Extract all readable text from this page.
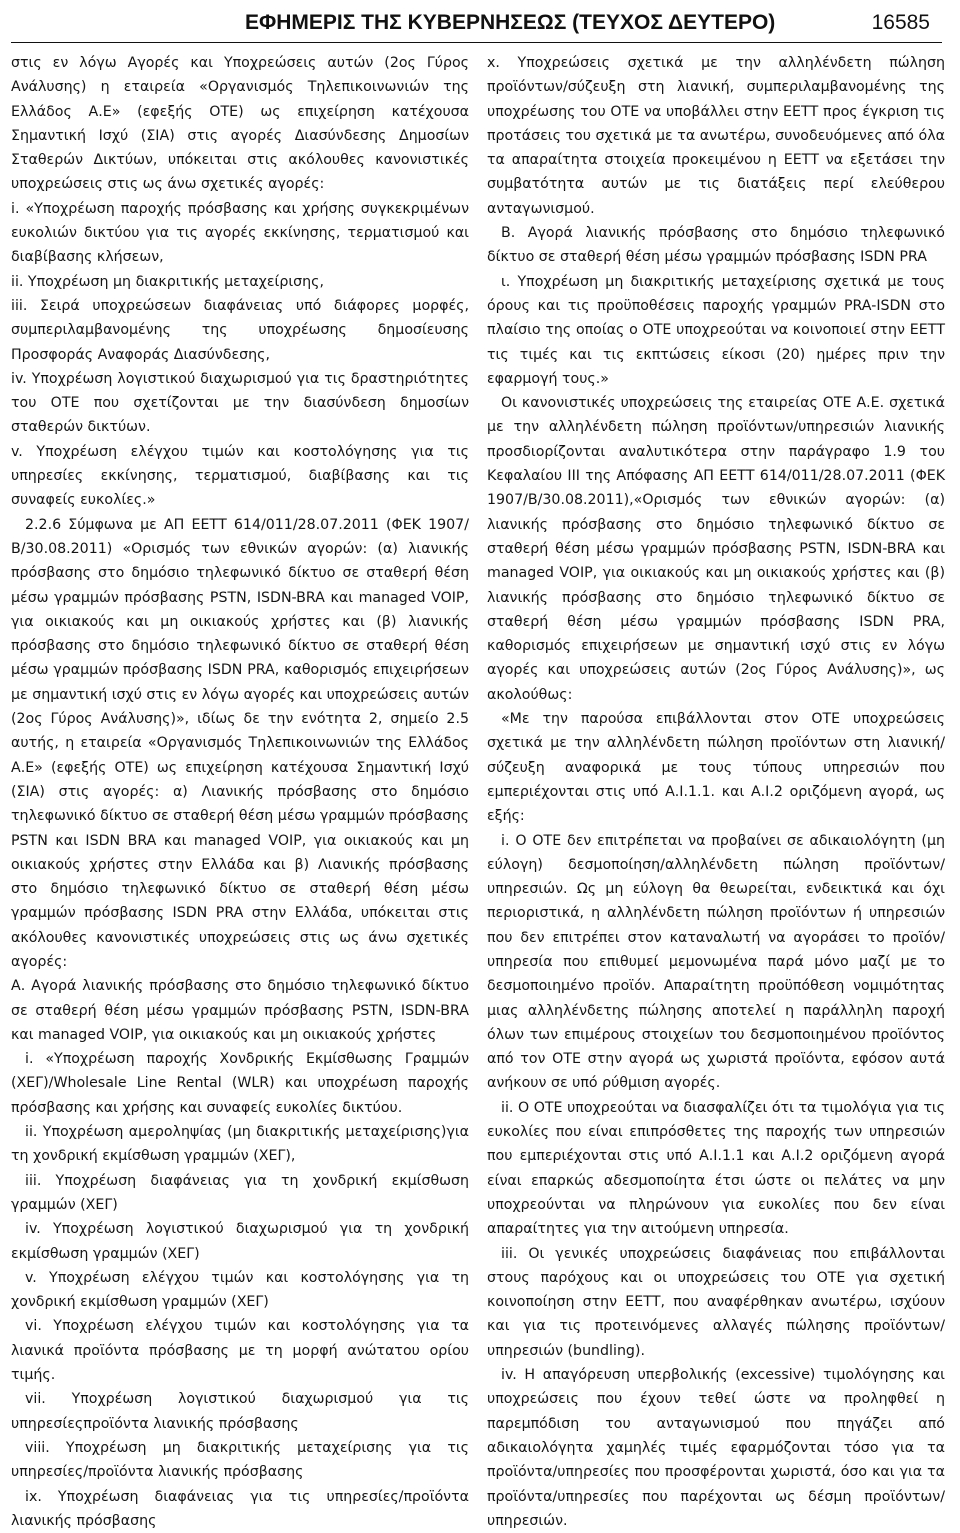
ΕΦΗΜΕΡΙΣ ΤΗΣ ΚΥΒΕΡΝΗΣΕΩΣ (ΤΕΥΧΟΣ ΔΕΥΤΕΡΟ)	16585

στις εν λόγω Αγορές και Υποχρεώσεις αυτών (2ος Γύρος Ανάλυσης) η εταιρεία «Οργανισμός Τηλεπικοινωνιών της Ελλάδος Α.Ε» (εφεξής ΟΤΕ) ως επιχείρηση κατέχουσα Σημαντική Ισχύ (ΣΙΑ) στις αγορές Διασύνδεσης Δημοσίων Σταθερών Δικτύων, υπόκειται στις ακόλουθες κανονιστικές υποχρεώσεις στις ως άνω σχετικές αγορές:

i. «Υποχρέωση παροχής πρόσβασης και χρήσης συγκεκριμένων ευκολιών δικτύου για τις αγορές εκκίνησης, τερματισμού και διαβίβασης κλήσεων,

ii. Υποχρέωση μη διακριτικής μεταχείρισης,

iii. Σειρά υποχρεώσεων διαφάνειας υπό διάφορες μορφές, συμπεριλαμβανομένης της υποχρέωσης δημοσίευσης Προσφοράς Αναφοράς Διασύνδεσης,

iv. Υποχρέωση λογιστικού διαχωρισμού για τις δραστηριότητες του ΟΤΕ που σχετίζονται με την διασύνδεση δημοσίων σταθερών δικτύων.

v. Υποχρέωση ελέγχου τιμών και κοστολόγησης για τις υπηρεσίες εκκίνησης, τερματισμού, διαβίβασης και τις συναφείς ευκολίες.»

2.2.6 Σύμφωνα με ΑΠ ΕΕΤΤ 614/011/28.07.2011 (ΦΕΚ 1907/Β/30.08.2011) «Ορισμός των εθνικών αγορών: (α) λιανικής πρόσβασης στο δημόσιο τηλεφωνικό δίκτυο σε σταθερή θέση μέσω γραμμών πρόσβασης PSTN, ISDN-BRA και managed VOIP, για οικιακούς και μη οικιακούς χρήστες και (β) λιανικής πρόσβασης στο δημόσιο τηλεφωνικό δίκτυο σε σταθερή θέση μέσω γραμμών πρόσβασης ISDN PRA, καθορισμός επιχειρήσεων με σημαντική ισχύ στις εν λόγω αγορές και υποχρεώσεις αυτών (2ος Γύρος Ανάλυσης)», ιδίως δε την ενότητα 2, σημείο 2.5 αυτής, η εταιρεία «Οργανισμός Τηλεπικοινωνιών της Ελλάδος Α.Ε» (εφεξής ΟΤΕ) ως επιχείρηση κατέχουσα Σημαντική Ισχύ (ΣΙΑ) στις αγορές: α) Λιανικής πρόσβασης στο δημόσιο τηλεφωνικό δίκτυο σε σταθερή θέση μέσω γραμμών πρόσβασης PSTN και ISDN BRA και managed VOIP, για οικιακούς και μη οικιακούς χρήστες στην Ελλάδα και β) Λιανικής πρόσβασης στο δημόσιο τηλεφωνικό δίκτυο σε σταθερή θέση μέσω γραμμών πρόσβασης ISDN PRA στην Ελλάδα, υπόκειται στις ακόλουθες κανονιστικές υποχρεώσεις στις ως άνω σχετικές αγορές:

Α. Αγορά λιανικής πρόσβασης στο δημόσιο τηλεφωνικό δίκτυο σε σταθερή θέση μέσω γραμμών πρόσβασης PSTN, ISDN-BRA και managed VOIP, για οικιακούς και μη οικιακούς χρήστες

i. «Υποχρέωση παροχής Χονδρικής Εκμίσθωσης Γραμμών (ΧΕΓ)/Wholesale Line Rental (WLR) και υποχρέωση παροχής πρόσβασης και χρήσης και συναφείς ευκολίες δικτύου.

ii. Υποχρέωση αμεροληψίας (μη διακριτικής μεταχείρισης)για τη χονδρική εκμίσθωση γραμμών (ΧΕΓ),

iii. Υποχρέωση διαφάνειας για τη χονδρική εκμίσθωση γραμμών (ΧΕΓ)

iv. Υποχρέωση λογιστικού διαχωρισμού για τη χονδρική εκμίσθωση γραμμών (ΧΕΓ)

v. Υποχρέωση ελέγχου τιμών και κοστολόγησης για τη χονδρική εκμίσθωση γραμμών (ΧΕΓ)

vi. Υποχρέωση ελέγχου τιμών και κοστολόγησης για τα λιανικά προϊόντα πρόσβασης με τη μορφή ανώτατου ορίου τιμής.

vii. Υποχρέωση λογιστικού διαχωρισμού για τις υπηρεσίεςπροϊόντα λιανικής πρόσβασης

viii. Υποχρέωση μη διακριτικής μεταχείρισης για τις υπηρεσίες/προϊόντα λιανικής πρόσβασης

ix. Υποχρέωση διαφάνειας για τις υπηρεσίες/προϊόντα λιανικής πρόσβασης

x. Υποχρεώσεις σχετικά με την αλληλένδετη πώληση προϊόντων/σύζευξη στη λιανική, συμπεριλαμβανομένης της υποχρέωσης του ΟΤΕ να υποβάλλει στην ΕΕΤΤ προς έγκριση τις προτάσεις του σχετικά με τα ανωτέρω, συνοδευόμενες από όλα τα απαραίτητα στοιχεία προκειμένου η ΕΕΤΤ να εξετάσει την συμβατότητα αυτών με τις διατάξεις περί ελεύθερου ανταγωνισμού.

Β. Αγορά λιανικής πρόσβασης στο δημόσιο τηλεφωνικό δίκτυο σε σταθερή θέση μέσω γραμμών πρόσβασης ISDN PRA

ι. Υποχρέωση μη διακριτικής μεταχείρισης σχετικά με τους όρους και τις προϋποθέσεις παροχής γραμμών PRA-ISDN στο πλαίσιο της οποίας ο ΟΤΕ υποχρεούται να κοινοποιεί στην ΕΕΤΤ τις τιμές και τις εκπτώσεις είκοσι (20) ημέρες πριν την εφαρμογή τους.»

Οι κανονιστικές υποχρεώσεις της εταιρείας ΟΤΕ Α.Ε. σχετικά με την αλληλένδετη πώληση προϊόντων/υπηρεσιών λιανικής προσδιορίζονται αναλυτικότερα στην παράγραφο 1.9 του Κεφαλαίου ΙΙΙ της Απόφασης ΑΠ ΕΕΤΤ 614/011/28.07.2011 (ΦΕΚ 1907/Β/30.08.2011),«Ορισμός των εθνικών αγορών: (α) λιανικής πρόσβασης στο δημόσιο τηλεφωνικό δίκτυο σε σταθερή θέση μέσω γραμμών πρόσβασης PSTN, ISDN-BRA και managed VOIP, για οικιακούς και μη οικιακούς χρήστες και (β) λιανικής πρόσβασης στο δημόσιο τηλεφωνικό δίκτυο σε σταθερή θέση μέσω γραμμών πρόσβασης ISDN PRA, καθορισμός επιχειρήσεων με σημαντική ισχύ στις εν λόγω αγορές και υποχρεώσεις αυτών (2ος Γύρος Ανάλυσης)», ως ακολούθως:

«Με την παρούσα επιβάλλονται στον ΟΤΕ υποχρεώσεις σχετικά με την αλληλένδετη πώληση προϊόντων στη λιανική/σύζευξη αναφορικά με τους τύπους υπηρεσιών που εμπεριέχονται στις υπό Α.Ι.1.1. και Α.Ι.2 οριζόμενη αγορά, ως εξής:

i. Ο ΟΤΕ δεν επιτρέπεται να προβαίνει σε αδικαιολόγητη (μη εύλογη) δεσμοποίηση/αλληλένδετη πώληση προϊόντων/υπηρεσιών. Ως μη εύλογη θα θεωρείται, ενδεικτικά και όχι περιοριστικά, η αλληλένδετη πώληση προϊόντων ή υπηρεσιών που δεν επιτρέπει στον καταναλωτή να αγοράσει το προϊόν/υπηρεσία που επιθυμεί μεμονωμένα παρά μόνο μαζί με το δεσμοποιημένο προϊόν. Απαραίτητη προϋπόθεση νομιμότητας μιας αλληλένδετης πώλησης αποτελεί η παράλληλη παροχή όλων των επιμέρους στοιχείων του δεσμοποιημένου προϊόντος από τον ΟΤΕ στην αγορά ως χωριστά προϊόντα, εφόσον αυτά ανήκουν σε υπό ρύθμιση αγορές.

ii. Ο ΟΤΕ υποχρεούται να διασφαλίζει ότι τα τιμολόγια για τις ευκολίες που είναι επιπρόσθετες της παροχής των υπηρεσιών που εμπεριέχονται στις υπό Α.Ι.1.1 και Α.Ι.2 οριζόμενη αγορά είναι επαρκώς αδεσμοποίητα έτσι ώστε οι πελάτες να μην υποχρεούνται να πληρώνουν για ευκολίες που δεν είναι απαραίτητες για την αιτούμενη υπηρεσία.

iii. Οι γενικές υποχρεώσεις διαφάνειας που επιβάλλονται στους παρόχους και οι υποχρεώσεις του ΟΤΕ για σχετική κοινοποίηση στην ΕΕΤΤ, που αναφέρθηκαν ανωτέρω, ισχύουν και για τις προτεινόμενες αλλαγές πώλησης προϊόντων/υπηρεσιών (bundling).

iv. Η απαγόρευση υπερβολικής (excessive) τιμολόγησης και υποχρεώσεις που έχουν τεθεί ώστε να προληφθεί η παρεμπόδιση του ανταγωνισμού που πηγάζει από αδικαιολόγητα χαμηλές τιμές εφαρμόζονται τόσο για τα προϊόντα/υπηρεσίες που προσφέρονται χωριστά, όσο και για τα προϊόντα/υπηρεσίες που παρέχονται ως δέσμη προϊόντων/υπηρεσιών.
